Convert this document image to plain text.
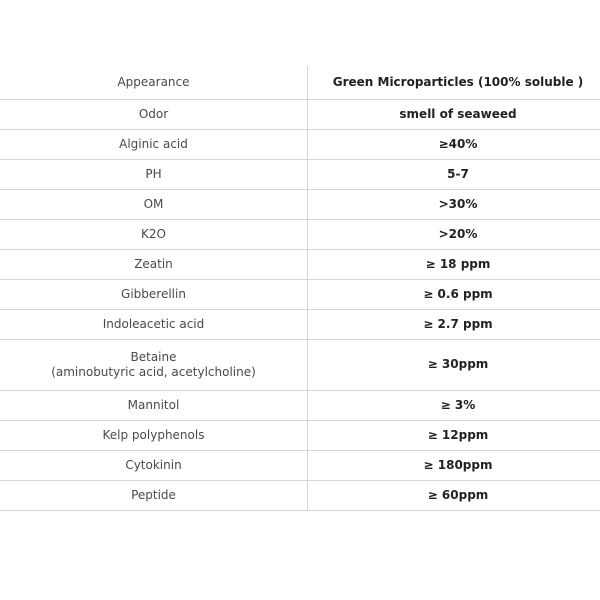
Appearance	Green Microparticles (100% soluble )
Odor	smell of seaweed
Alginic acid	≥40%
PH	5-7
OM	>30%
K2O	>20%
Zeatin	≥ 18 ppm
Gibberellin	≥ 0.6 ppm
Indoleacetic acid	≥ 2.7 ppm

Betaine
(aminobutyric acid, acetylcholine)	≥ 30ppm
Mannitol	≥ 3%
Kelp polyphenols	≥ 12ppm
Cytokinin	≥ 180ppm
Peptide	≥ 60ppm
